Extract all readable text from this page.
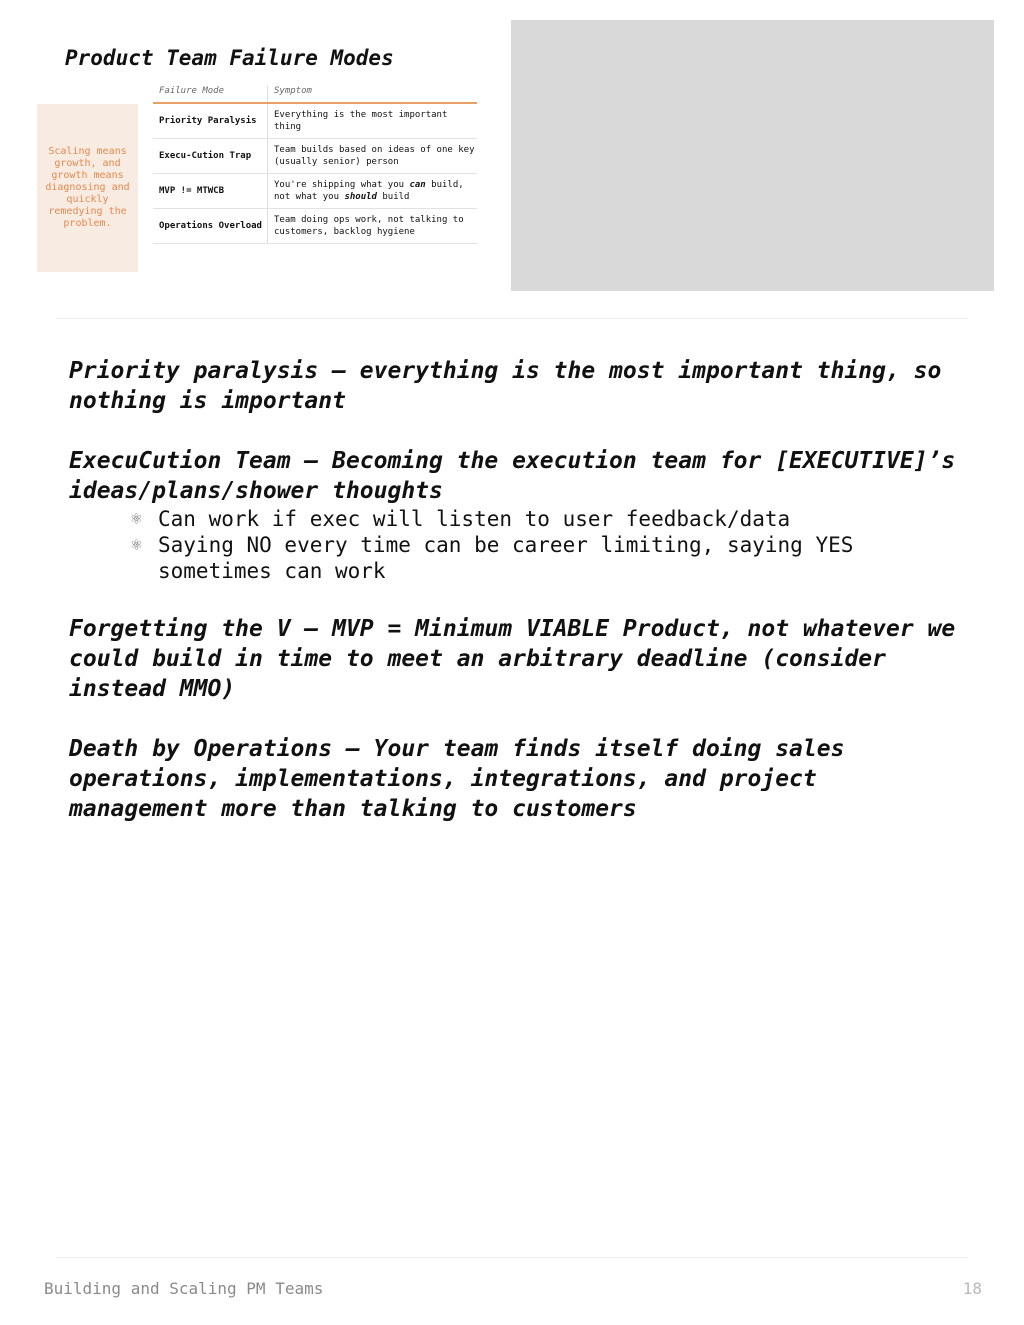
Product Team Failure Modes
Scaling means growth, and growth means diagnosing and quickly remedying the problem.
Failure Mode	Symptom
Priority Paralysis
Everything is the most important thing
Execu-Cution Trap
Team builds based on ideas of one key (usually senior) person
MVP != MTWCB
You're shipping what you can build, not what you should build
Operations Overload
Team doing ops work, not talking to customers, backlog hygiene

Priority paralysis – everything is the most important thing, so nothing is important

ExecuCution Team – Becoming the execution team for [EXECUTIVE]’s ideas/plans/shower thoughts

⚛ Can work if exec will listen to user feedback/data
⚛ Saying NO every time can be career limiting, saying YES sometimes can work

Forgetting the V – MVP = Minimum VIABLE Product, not whatever we could build in time to meet an arbitrary deadline (consider instead MMO)

Death by Operations – Your team finds itself doing sales operations, implementations, integrations, and project management more than talking to customers

Building and Scaling PM Teams	18
